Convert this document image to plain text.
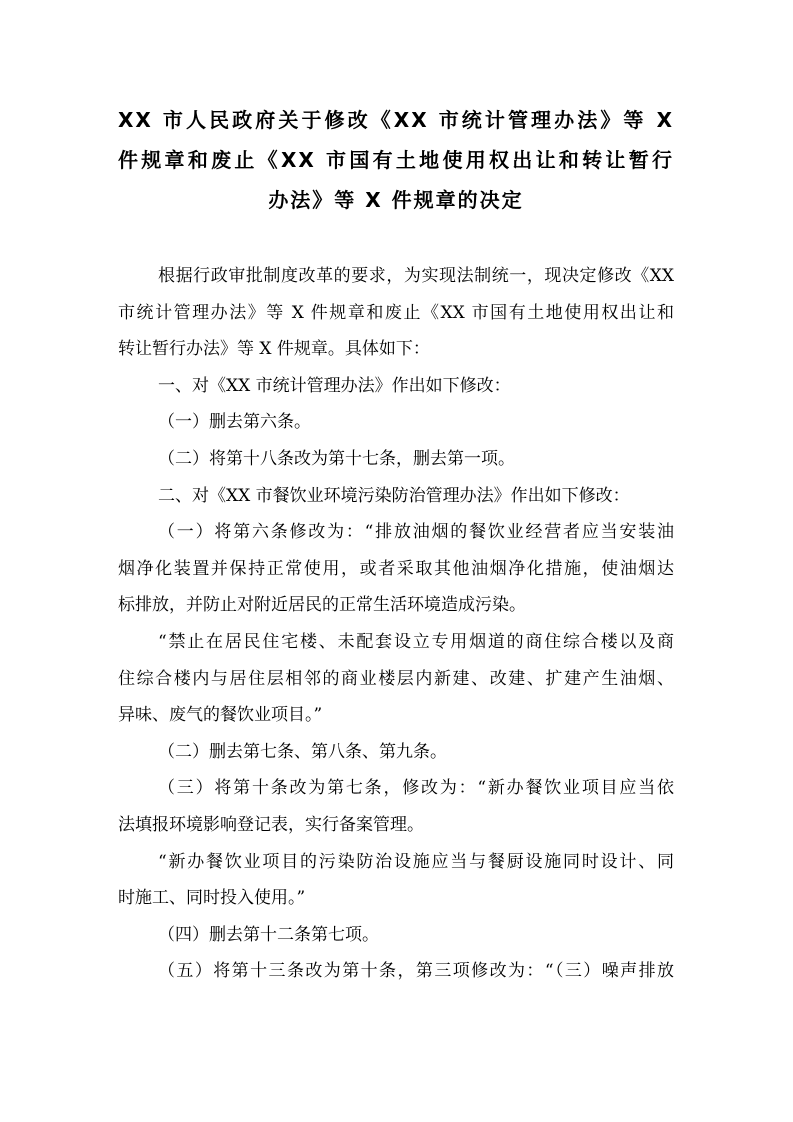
XX 市人民政府关于修改《XX 市统计管理办法》等 X
件规章和废止《XX 市国有土地使用权出让和转让暂行
办法》等 X 件规章的决定
根据行政审批制度改革的要求，为实现法制统一，现决定修改《XX
市统计管理办法》等 X 件规章和废止《XX 市国有土地使用权出让和
转让暂行办法》等 X 件规章。具体如下：
一、对《XX 市统计管理办法》作出如下修改：
（一）删去第六条。
（二）将第十八条改为第十七条，删去第一项。
二、对《XX 市餐饮业环境污染防治管理办法》作出如下修改：
（一）将第六条修改为：“排放油烟的餐饮业经营者应当安装油
烟净化装置并保持正常使用，或者采取其他油烟净化措施，使油烟达
标排放，并防止对附近居民的正常生活环境造成污染。
“禁止在居民住宅楼、未配套设立专用烟道的商住综合楼以及商
住综合楼内与居住层相邻的商业楼层内新建、改建、扩建产生油烟、
异味、废气的餐饮业项目。”
（二）删去第七条、第八条、第九条。
（三）将第十条改为第七条，修改为：“新办餐饮业项目应当依
法填报环境影响登记表，实行备案管理。
“新办餐饮业项目的污染防治设施应当与餐厨设施同时设计、同
时施工、同时投入使用。”
（四）删去第十二条第七项。
（五）将第十三条改为第十条，第三项修改为：“（三）噪声排放
